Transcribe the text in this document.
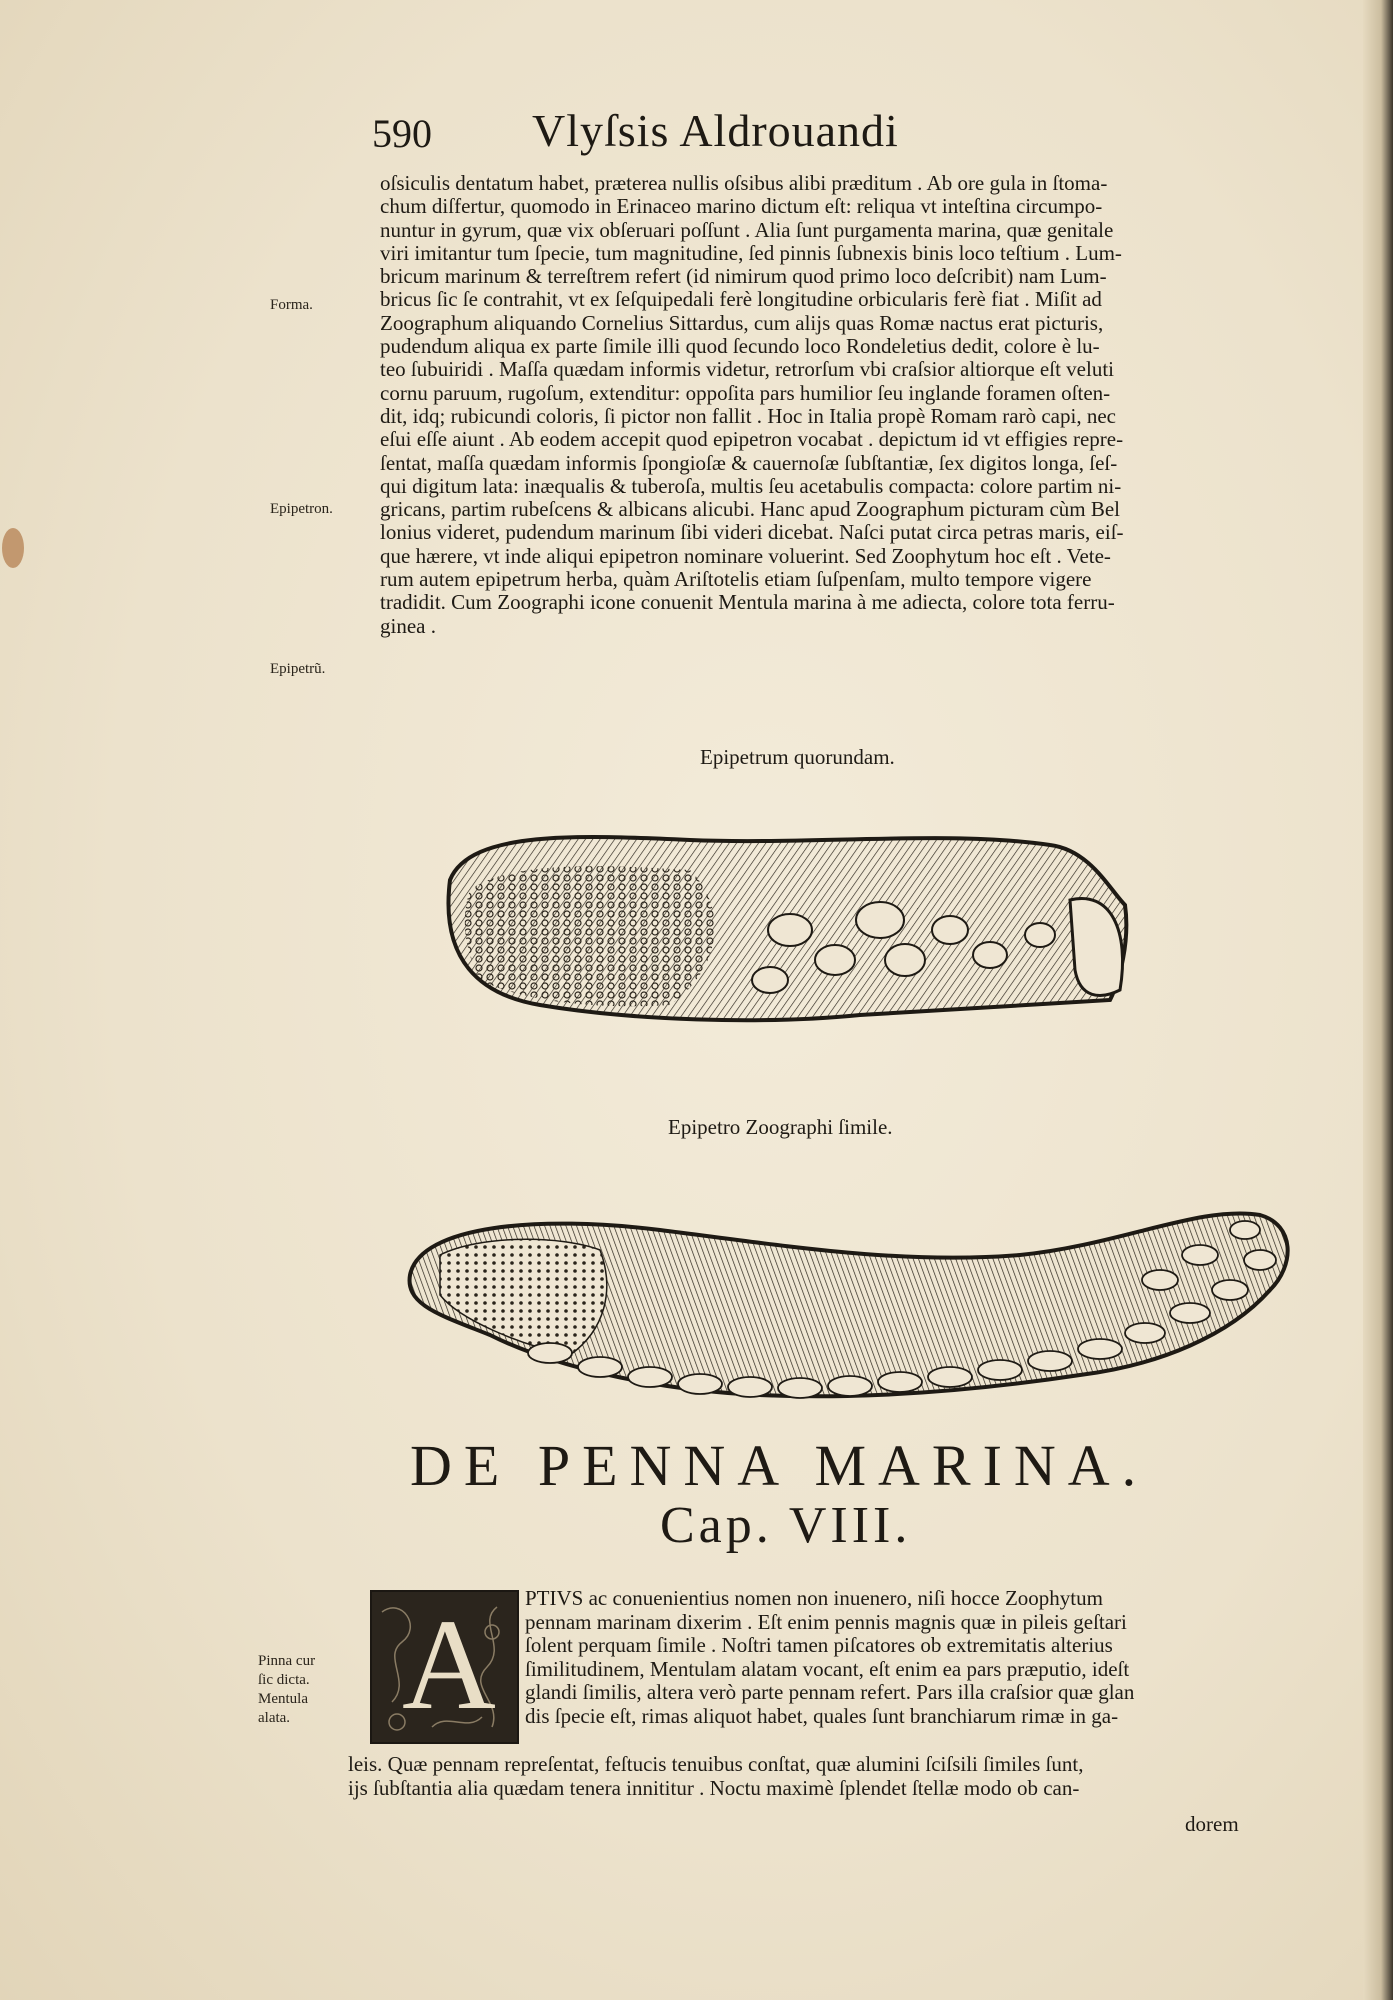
590 Vlyſsis Aldrouandi
oſsiculis dentatum habet, præterea nullis oſsibus alibi præditum . Ab ore gula in ſtoma-
chum diſfertur, quomodo in Erinaceo marino dictum eſt: reliqua vt inteſtina circumpo-
nuntur in gyrum, quæ vix obſeruari poſſunt . Alia ſunt purgamenta marina, quæ genitale
viri imitantur tum ſpecie, tum magnitudine, ſed pinnis ſubnexis binis loco teſtium . Lum-
bricum marinum & terreſtrem refert (id nimirum quod primo loco deſcribit) nam Lum-
bricus ſic ſe contrahit, vt ex ſeſquipedali ferè longitudine orbicularis ferè fiat . Miſit ad
Zoographum aliquando Cornelius Sittardus, cum alijs quas Romæ nactus erat picturis,
pudendum aliqua ex parte ſimile illi quod ſecundo loco Rondeletius dedit, colore è lu-
teo ſubuiridi . Maſſa quædam informis videtur, retrorſum vbi craſsior altiorque eſt veluti
cornu paruum, rugoſum, extenditur: oppoſita pars humilior ſeu inglande foramen oſten-
dit, idq; rubicundi coloris, ſi pictor non fallit . Hoc in Italia propè Romam rarò capi, nec
eſui eſſe aiunt . Ab eodem accepit quod epipetron vocabat . depictum id vt effigies repre-
ſentat, maſſa quædam informis ſpongioſæ & cauernoſæ ſubſtantiæ, ſex digitos longa, ſeſ-
qui digitum lata: inæqualis & tuberoſa, multis ſeu acetabulis compacta: colore partim ni-
gricans, partim rubeſcens & albicans alicubi. Hanc apud Zoographum picturam cùm Bel
lonius videret, pudendum marinum ſibi videri dicebat. Naſci putat circa petras maris, eiſ-
que hærere, vt inde aliqui epipetron nominare voluerint. Sed Zoophytum hoc eſt . Vete-
rum autem epipetrum herba, quàm Ariſtotelis etiam ſuſpenſam, multo tempore vigere
tradidit. Cum Zoographi icone conuenit Mentula marina à me adiecta, colore tota ferru-
ginea .
Forma.
Epipetron.
Epipetrũ.
Epipetrum quorundam.
Epipetro Zoographi ſimile.
DE PENNA MARINA.
Cap. VIII.
A PTIVS ac conuenientius nomen non inuenero, niſi hocce Zoophytum
pennam marinam dixerim . Eſt enim pennis magnis quæ in pileis geſtari
ſolent perquam ſimile . Noſtri tamen piſcatores ob extremitatis alterius
ſimilitudinem, Mentulam alatam vocant, eſt enim ea pars præputio, ideſt
glandi ſimilis, altera verò parte pennam refert. Pars illa craſsior quæ glan
dis ſpecie eſt, rimas aliquot habet, quales ſunt branchiarum rimæ in ga-
Pinna cur
ſic dicta.
Mentula
alata.
leis. Quæ pennam repreſentat, feſtucis tenuibus conſtat, quæ alumini ſciſsili ſimiles ſunt,
ijs ſubſtantia alia quædam tenera innititur . Noctu maximè ſplendet ſtellæ modo ob can-
dorem
